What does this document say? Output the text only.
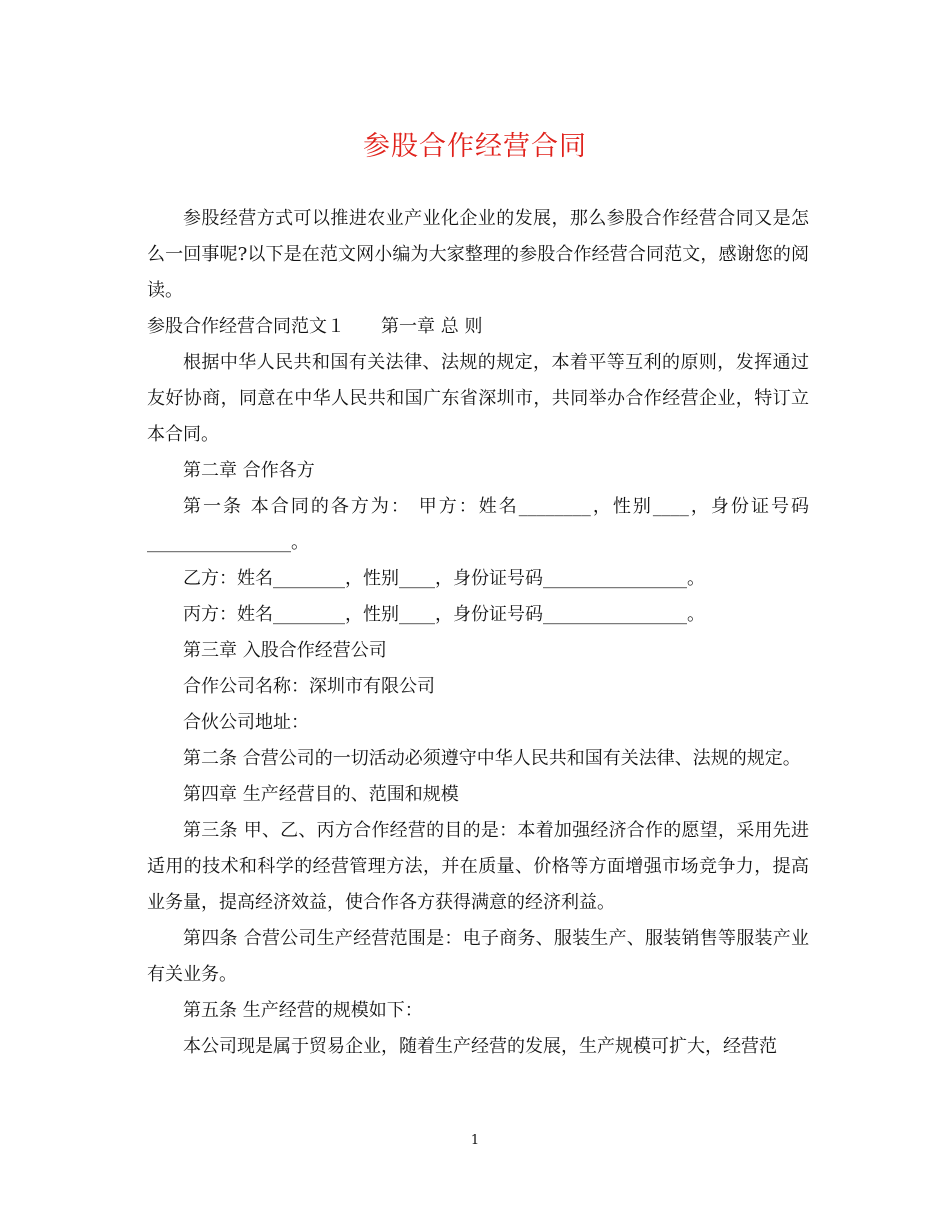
参股合作经营合同

参股经营方式可以推进农业产业化企业的发展，那么参股合作经营合同又是怎么一回事呢?以下是在范文网小编为大家整理的参股合作经营合同范文，感谢您的阅读。

参股合作经营合同范文１　　第一章 总 则

根据中华人民共和国有关法律、法规的规定，本着平等互利的原则，发挥通过友好协商，同意在中华人民共和国广东省深圳市，共同举办合作经营企业，特订立本合同。

第二章 合作各方

第一条 本合同的各方为： 甲方：姓名________，性别____，身份证号码________________。

乙方：姓名________，性别____，身份证号码________________。

丙方：姓名________，性别____，身份证号码________________。

第三章 入股合作经营公司

合作公司名称：深圳市有限公司

合伙公司地址：

第二条 合营公司的一切活动必须遵守中华人民共和国有关法律、法规的规定。

第四章 生产经营目的、范围和规模

第三条 甲、乙、丙方合作经营的目的是：本着加强经济合作的愿望，采用先进适用的技术和科学的经营管理方法，并在质量、价格等方面增强市场竞争力，提高业务量，提高经济效益，使合作各方获得满意的经济利益。

第四条 合营公司生产经营范围是：电子商务、服装生产、服装销售等服装产业有关业务。

第五条 生产经营的规模如下：

本公司现是属于贸易企业，随着生产经营的发展，生产规模可扩大，经营范

1
